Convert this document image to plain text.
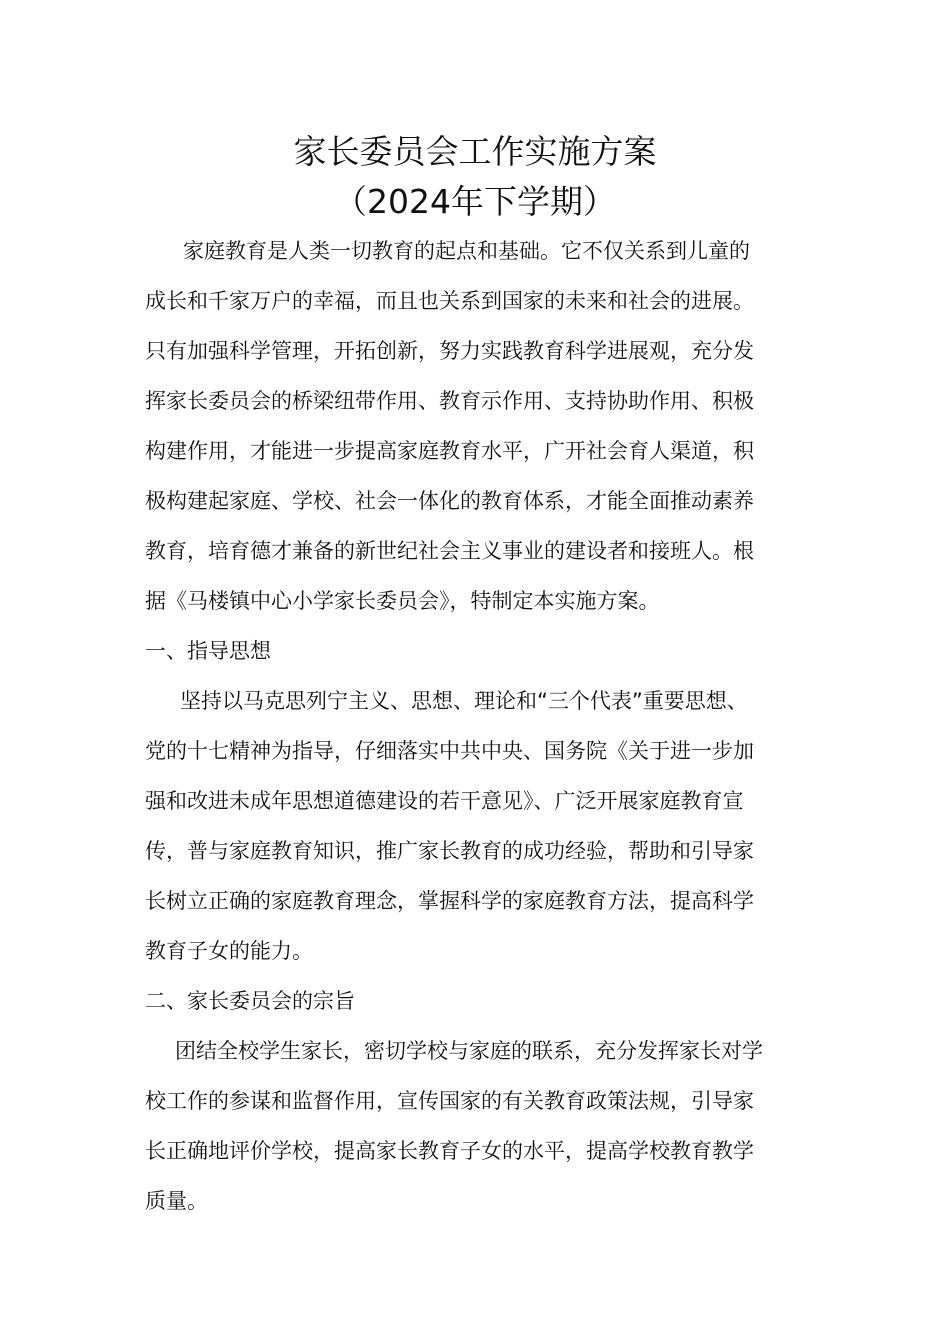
家长委员会工作实施方案
（2024年下学期）
家庭教育是人类一切教育的起点和基础。它不仅关系到儿童的
成长和千家万户的幸福，而且也关系到国家的未来和社会的进展。
只有加强科学管理，开拓创新，努力实践教育科学进展观，充分发
挥家长委员会的桥梁纽带作用、教育示作用、支持协助作用、积极
构建作用，才能进一步提高家庭教育水平，广开社会育人渠道，积
极构建起家庭、学校、社会一体化的教育体系，才能全面推动素养
教育，培育德才兼备的新世纪社会主义事业的建设者和接班人。根
据《马楼镇中心小学家长委员会》，特制定本实施方案。
一、指导思想
坚持以马克思列宁主义、思想、理论和“三个代表”重要思想、
党的十七精神为指导，仔细落实中共中央、国务院《关于进一步加
强和改进未成年思想道德建设的若干意见》、广泛开展家庭教育宣
传，普与家庭教育知识，推广家长教育的成功经验，帮助和引导家
长树立正确的家庭教育理念，掌握科学的家庭教育方法，提高科学
教育子女的能力。
二、家长委员会的宗旨
团结全校学生家长，密切学校与家庭的联系，充分发挥家长对学
校工作的参谋和监督作用，宣传国家的有关教育政策法规，引导家
长正确地评价学校，提高家长教育子女的水平，提高学校教育教学
质量。
